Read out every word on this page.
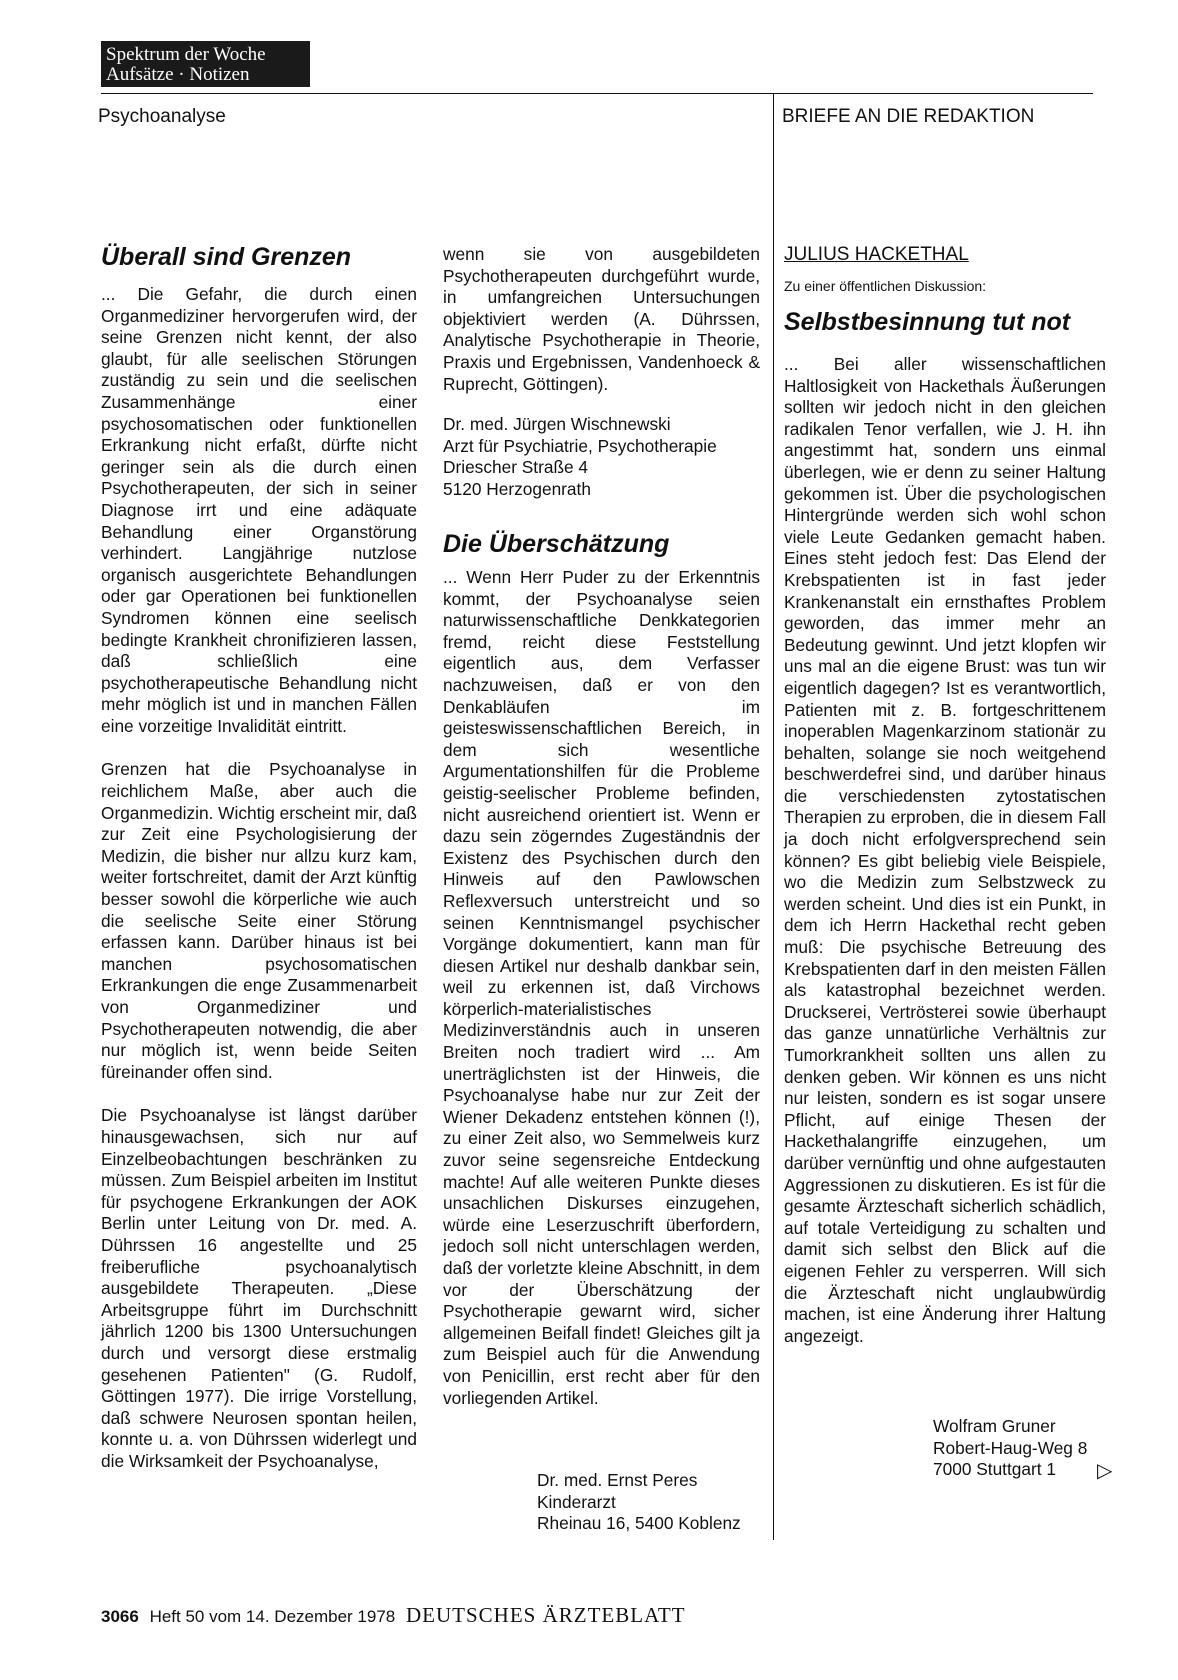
Spektrum der Woche
Aufsätze · Notizen
Psychoanalyse	BRIEFE AN DIE REDAKTION
Überall sind Grenzen

... Die Gefahr, die durch einen Organmediziner hervorgerufen wird, der seine Grenzen nicht kennt, der also glaubt, für alle seelischen Störungen zuständig zu sein und die seelischen Zusammenhänge einer psychosomatischen oder funktionellen Erkrankung nicht erfaßt, dürfte nicht geringer sein als die durch einen Psychotherapeuten, der sich in seiner Diagnose irrt und eine adäquate Behandlung einer Organstörung verhindert. Langjährige nutzlose organisch ausgerichtete Behandlungen oder gar Operationen bei funktionellen Syndromen können eine seelisch bedingte Krankheit chronifizieren lassen, daß schließlich eine psychotherapeutische Behandlung nicht mehr möglich ist und in manchen Fällen eine vorzeitige Invalidität eintritt.

Grenzen hat die Psychoanalyse in reichlichem Maße, aber auch die Organmedizin. Wichtig erscheint mir, daß zur Zeit eine Psychologisierung der Medizin, die bisher nur allzu kurz kam, weiter fortschreitet, damit der Arzt künftig besser sowohl die körperliche wie auch die seelische Seite einer Störung erfassen kann. Darüber hinaus ist bei manchen psychosomatischen Erkrankungen die enge Zusammenarbeit von Organmediziner und Psychotherapeuten notwendig, die aber nur möglich ist, wenn beide Seiten füreinander offen sind.

Die Psychoanalyse ist längst darüber hinausgewachsen, sich nur auf Einzelbeobachtungen beschränken zu müssen. Zum Beispiel arbeiten im Institut für psychogene Erkrankungen der AOK Berlin unter Leitung von Dr. med. A. Dührssen 16 angestellte und 25 freiberufliche psychoanalytisch ausgebildete Therapeuten. „Diese Arbeitsgruppe führt im Durchschnitt jährlich 1200 bis 1300 Untersuchungen durch und versorgt diese erstmalig gesehenen Patienten" (G. Rudolf, Göttingen 1977). Die irrige Vorstellung, daß schwere Neurosen spontan heilen, konnte u. a. von Dührssen widerlegt und die Wirksamkeit der Psychoanalyse,

wenn sie von ausgebildeten Psychotherapeuten durchgeführt wurde, in umfangreichen Untersuchungen objektiviert werden (A. Dührssen, Analytische Psychotherapie in Theorie, Praxis und Ergebnissen, Vandenhoeck & Ruprecht, Göttingen).
Dr. med. Jürgen Wischnewski
Arzt für Psychiatrie, Psychotherapie
Driescher Straße 4
5120 Herzogenrath
Die Überschätzung
... Wenn Herr Puder zu der Erkenntnis kommt, der Psychoanalyse seien naturwissenschaftliche Denkkategorien fremd, reicht diese Feststellung eigentlich aus, dem Verfasser nachzuweisen, daß er von den Denkabläufen im geisteswissenschaftlichen Bereich, in dem sich wesentliche Argumentationshilfen für die Probleme geistig-seelischer Probleme befinden, nicht ausreichend orientiert ist. Wenn er dazu sein zögerndes Zugeständnis der Existenz des Psychischen durch den Hinweis auf den Pawlowschen Reflexversuch unterstreicht und so seinen Kenntnismangel psychischer Vorgänge dokumentiert, kann man für diesen Artikel nur deshalb dankbar sein, weil zu erkennen ist, daß Virchows körperlich-materialistisches Medizinverständnis auch in unseren Breiten noch tradiert wird ... Am unerträglichsten ist der Hinweis, die Psychoanalyse habe nur zur Zeit der Wiener Dekadenz entstehen können (!), zu einer Zeit also, wo Semmelweis kurz zuvor seine segensreiche Entdeckung machte! Auf alle weiteren Punkte dieses unsachlichen Diskurses einzugehen, würde eine Leserzuschrift überfordern, jedoch soll nicht unterschlagen werden, daß der vorletzte kleine Abschnitt, in dem vor der Überschätzung der Psychotherapie gewarnt wird, sicher allgemeinen Beifall findet! Gleiches gilt ja zum Beispiel auch für die Anwendung von Penicillin, erst recht aber für den vorliegenden Artikel.
Dr. med. Ernst Peres
Kinderarzt
Rheinau 16, 5400 Koblenz
JULIUS HACKETHAL
Zu einer öffentlichen Diskussion:
Selbstbesinnung tut not
... Bei aller wissenschaftlichen Haltlosigkeit von Hackethals Äußerungen sollten wir jedoch nicht in den gleichen radikalen Tenor verfallen, wie J. H. ihn angestimmt hat, sondern uns einmal überlegen, wie er denn zu seiner Haltung gekommen ist. Über die psychologischen Hintergründe werden sich wohl schon viele Leute Gedanken gemacht haben. Eines steht jedoch fest: Das Elend der Krebspatienten ist in fast jeder Krankenanstalt ein ernsthaftes Problem geworden, das immer mehr an Bedeutung gewinnt. Und jetzt klopfen wir uns mal an die eigene Brust: was tun wir eigentlich dagegen? Ist es verantwortlich, Patienten mit z. B. fortgeschrittenem inoperablen Magenkarzinom stationär zu behalten, solange sie noch weitgehend beschwerdefrei sind, und darüber hinaus die verschiedensten zytostatischen Therapien zu erproben, die in diesem Fall ja doch nicht erfolgversprechend sein können? Es gibt beliebig viele Beispiele, wo die Medizin zum Selbstzweck zu werden scheint. Und dies ist ein Punkt, in dem ich Herrn Hackethal recht geben muß: Die psychische Betreuung des Krebspatienten darf in den meisten Fällen als katastrophal bezeichnet werden. Druckserei, Vertrösterei sowie überhaupt das ganze unnatürliche Verhältnis zur Tumorkrankheit sollten uns allen zu denken geben. Wir können es uns nicht nur leisten, sondern es ist sogar unsere Pflicht, auf einige Thesen der Hackethalangriffe einzugehen, um darüber vernünftig und ohne aufgestauten Aggressionen zu diskutieren. Es ist für die gesamte Ärzteschaft sicherlich schädlich, auf totale Verteidigung zu schalten und damit sich selbst den Blick auf die eigenen Fehler zu versperren. Will sich die Ärzteschaft nicht unglaubwürdig machen, ist eine Änderung ihrer Haltung angezeigt.
Wolfram Gruner
Robert-Haug-Weg 8
7000 Stuttgart 1	▷
3066 Heft 50 vom 14. Dezember 1978 DEUTSCHES ÄRZTEBLATT
